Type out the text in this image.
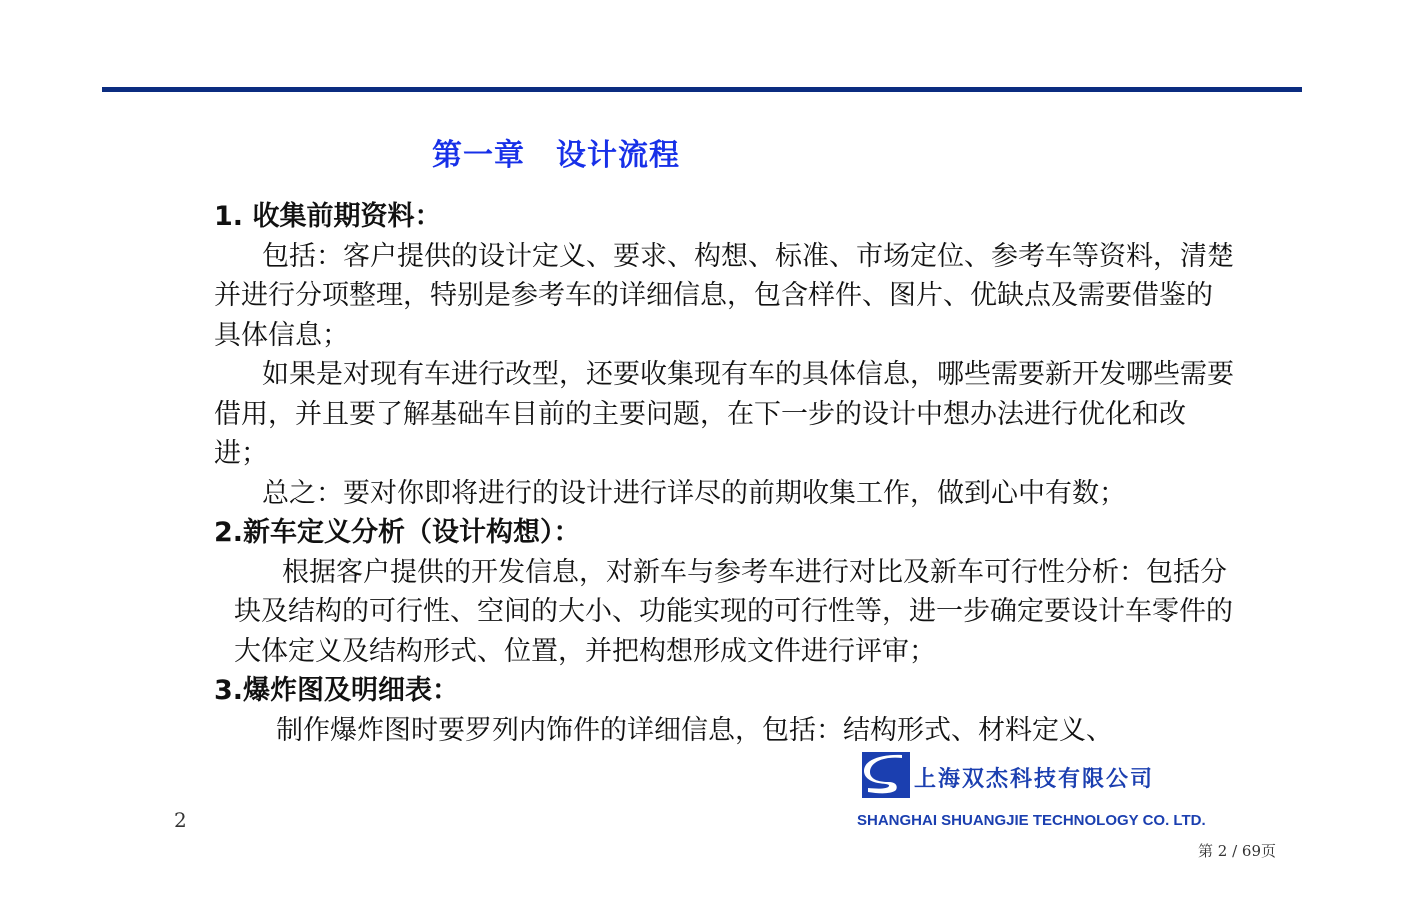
第一章　设计流程
1. 收集前期资料：

包括：客户提供的设计定义、要求、构想、标准、市场定位、参考车等资料，清楚并进行分项整理，特别是参考车的详细信息，包含样件、图片、优缺点及需要借鉴的具体信息；

如果是对现有车进行改型，还要收集现有车的具体信息，哪些需要新开发哪些需要借用，并且要了解基础车目前的主要问题，在下一步的设计中想办法进行优化和改进；

总之：要对你即将进行的设计进行详尽的前期收集工作，做到心中有数；

2.新车定义分析（设计构想）：

根据客户提供的开发信息，对新车与参考车进行对比及新车可行性分析：包括分块及结构的可行性、空间的大小、功能实现的可行性等，进一步确定要设计车零件的大体定义及结构形式、位置，并把构想形成文件进行评审；

3.爆炸图及明细表：

制作爆炸图时要罗列内饰件的详细信息，包括：结构形式、材料定义、

2
上海双杰科技有限公司
SHANGHAI SHUANGJIE TECHNOLOGY CO. LTD.
第 2 / 69页
